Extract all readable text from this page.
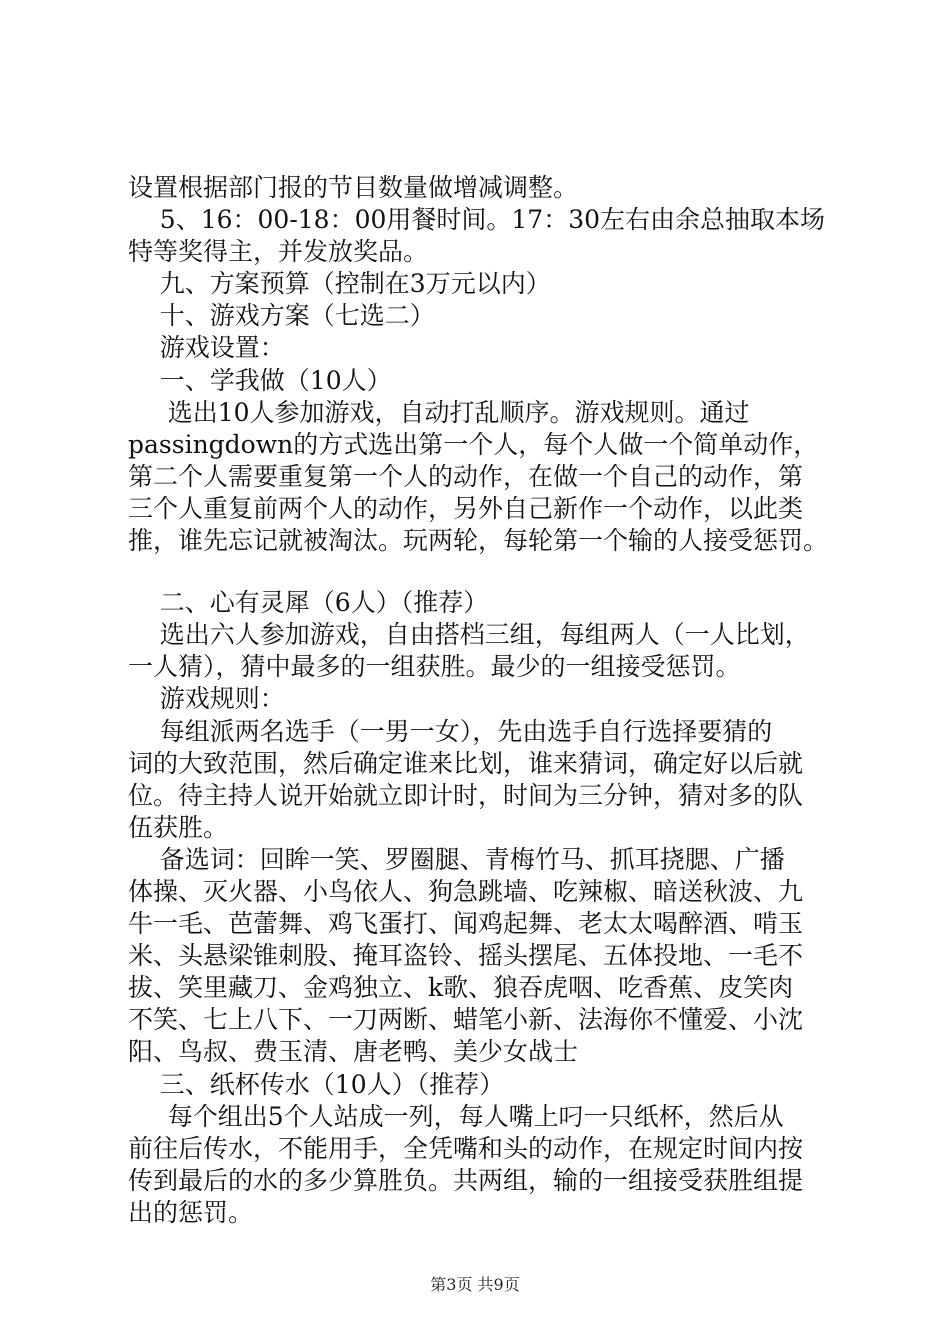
设置根据部门报的节目数量做增减调整。
5、16：00-18：00用餐时间。17：30左右由余总抽取本场
特等奖得主，并发放奖品。
九、方案预算（控制在3万元以内）
十、游戏方案（七选二）
游戏设置：
一、学我做（10人）
选出10人参加游戏，自动打乱顺序。游戏规则。通过
passingdown的方式选出第一个人，每个人做一个简单动作，
第二个人需要重复第一个人的动作，在做一个自己的动作，第
三个人重复前两个人的动作，另外自己新作一个动作，以此类
推，谁先忘记就被淘汰。玩两轮，每轮第一个输的人接受惩罚。
二、心有灵犀（6人）（推荐）
选出六人参加游戏，自由搭档三组，每组两人（一人比划，
一人猜），猜中最多的一组获胜。最少的一组接受惩罚。
游戏规则：
每组派两名选手（一男一女），先由选手自行选择要猜的
词的大致范围，然后确定谁来比划，谁来猜词，确定好以后就
位。待主持人说开始就立即计时，时间为三分钟，猜对多的队
伍获胜。
备选词：回眸一笑、罗圈腿、青梅竹马、抓耳挠腮、广播
体操、灭火器、小鸟依人、狗急跳墙、吃辣椒、暗送秋波、九
牛一毛、芭蕾舞、鸡飞蛋打、闻鸡起舞、老太太喝醉酒、啃玉
米、头悬梁锥刺股、掩耳盗铃、摇头摆尾、五体投地、一毛不
拔、笑里藏刀、金鸡独立、k歌、狼吞虎咽、吃香蕉、皮笑肉
不笑、七上八下、一刀两断、蜡笔小新、法海你不懂爱、小沈
阳、鸟叔、费玉清、唐老鸭、美少女战士
三、纸杯传水（10人）（推荐）
每个组出5个人站成一列，每人嘴上叼一只纸杯，然后从
前往后传水，不能用手，全凭嘴和头的动作，在规定时间内按
传到最后的水的多少算胜负。共两组，输的一组接受获胜组提
出的惩罚。
第3页 共9页
